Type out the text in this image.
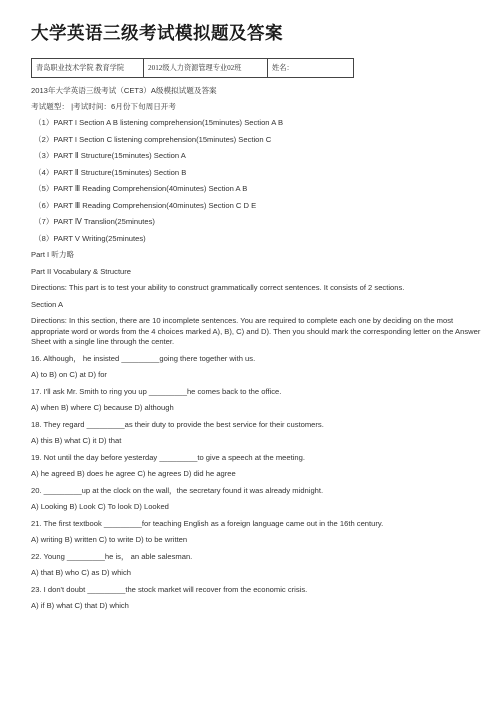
大学英语三级考试模拟题及答案
青岛职业技术学院 教育学院	2012级人力资源管理专业02班	姓名：
2013年大学英语三级考试（CET3）A级模拟试题及答案
考试题型： |考试时间：6月份下旬周日开考
（1）PART I Section A B listening comprehension(15minutes) Section A B
（2）PART I Section C listening comprehension(15minutes) Section C
（3）PART Ⅱ Structure(15minutes) Section A
（4）PART Ⅱ Structure(15minutes) Section B
（5）PART Ⅲ Reading Comprehension(40minutes) Section A B
（6）PART Ⅲ Reading Comprehension(40minutes) Section C D E
（7）PART Ⅳ Translion(25minutes)
（8）PART V Writing(25minutes)
Part I 听力略
Part II Vocabulary & Structure
Directions: This part is to test your ability to construct grammatically correct sentences. It consists of 2 sections.
Section A
Directions: In this section, there are 10 incomplete sentences. You are required to complete each one by deciding on the most appropriate word or words from the 4 choices marked A), B), C) and D). Then you should mark the corresponding letter on the Answer Sheet with a single line through the center.
16. Although， he insisted _________going there together with us.
A) to B) on C) at D) for
17. I'll ask Mr. Smith to ring you up _________he comes back to the office.
A) when B) where C) because D) although
18. They regard _________as their duty to provide the best service for their customers.
A) this B) what C) it D) that
19. Not until the day before yesterday _________to give a speech at the meeting.
A) he agreed B) does he agree C) he agrees D) did he agree
20. _________up at the clock on the wall，the secretary found it was already midnight.
A) Looking B) Look C) To look D) Looked
21. The first textbook _________for teaching English as a foreign language came out in the 16th century.
A) writing B) written C) to write D) to be written
22. Young _________he is， an able salesman.
A) that B) who C) as D) which
23. I don't doubt _________the stock market will recover from the economic crisis.
A) if B) what C) that D) which
